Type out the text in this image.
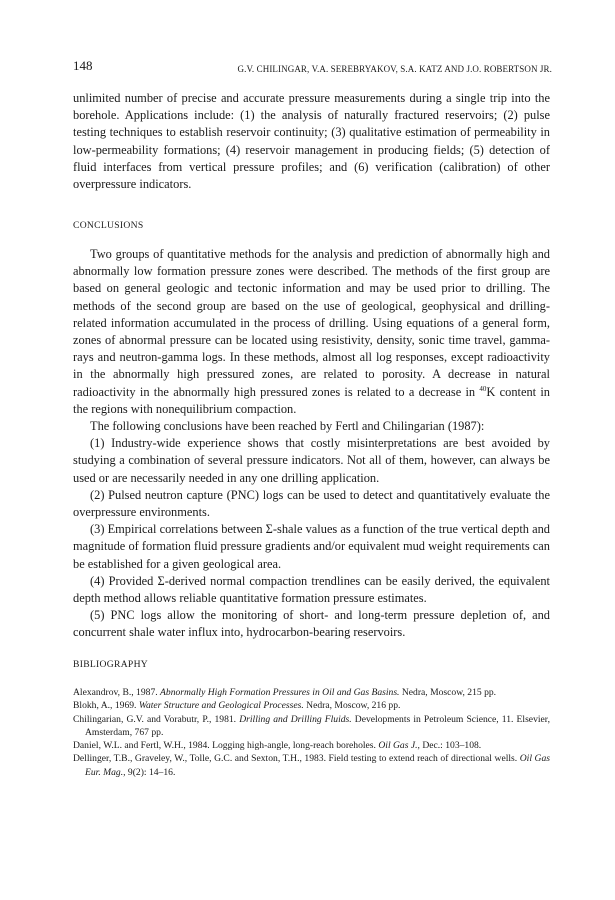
148	G.V. CHILINGAR, V.A. SEREBRYAKOV, S.A. KATZ AND J.O. ROBERTSON JR.

unlimited number of precise and accurate pressure measurements during a single trip into the borehole. Applications include: (1) the analysis of naturally fractured reservoirs; (2) pulse testing techniques to establish reservoir continuity; (3) qualitative estimation of permeability in low-permeability formations; (4) reservoir management in producing fields; (5) detection of fluid interfaces from vertical pressure profiles; and (6) verification (calibration) of other overpressure indicators.

CONCLUSIONS

Two groups of quantitative methods for the analysis and prediction of abnormally high and abnormally low formation pressure zones were described. The methods of the first group are based on general geologic and tectonic information and may be used prior to drilling. The methods of the second group are based on the use of geological, geophysical and drilling-related information accumulated in the process of drilling. Using equations of a general form, zones of abnormal pressure can be located using resistivity, density, sonic time travel, gamma-rays and neutron-gamma logs. In these methods, almost all log responses, except radioactivity in the abnormally high pressured zones, are related to porosity. A decrease in natural radioactivity in the abnormally high pressured zones is related to a decrease in $^{40}$K content in the regions with nonequilibrium compaction.

The following conclusions have been reached by Fertl and Chilingarian (1987):

(1) Industry-wide experience shows that costly misinterpretations are best avoided by studying a combination of several pressure indicators. Not all of them, however, can always be used or are necessarily needed in any one drilling application.

(2) Pulsed neutron capture (PNC) logs can be used to detect and quantitatively evaluate the overpressure environments.

(3) Empirical correlations between Σ-shale values as a function of the true vertical depth and magnitude of formation fluid pressure gradients and/or equivalent mud weight requirements can be established for a given geological area.

(4) Provided Σ-derived normal compaction trendlines can be easily derived, the equivalent depth method allows reliable quantitative formation pressure estimates.

(5) PNC logs allow the monitoring of short- and long-term pressure depletion of, and concurrent shale water influx into, hydrocarbon-bearing reservoirs.

BIBLIOGRAPHY

Alexandrov, B., 1987. Abnormally High Formation Pressures in Oil and Gas Basins. Nedra, Moscow, 215 pp.

Blokh, A., 1969. Water Structure and Geological Processes. Nedra, Moscow, 216 pp.

Chilingarian, G.V. and Vorabutr, P., 1981. Drilling and Drilling Fluids. Developments in Petroleum Science, 11. Elsevier, Amsterdam, 767 pp.

Daniel, W.L. and Fertl, W.H., 1984. Logging high-angle, long-reach boreholes. Oil Gas J., Dec.: 103–108.

Dellinger, T.B., Graveley, W., Tolle, G.C. and Sexton, T.H., 1983. Field testing to extend reach of directional wells. Oil Gas Eur. Mag., 9(2): 14–16.
